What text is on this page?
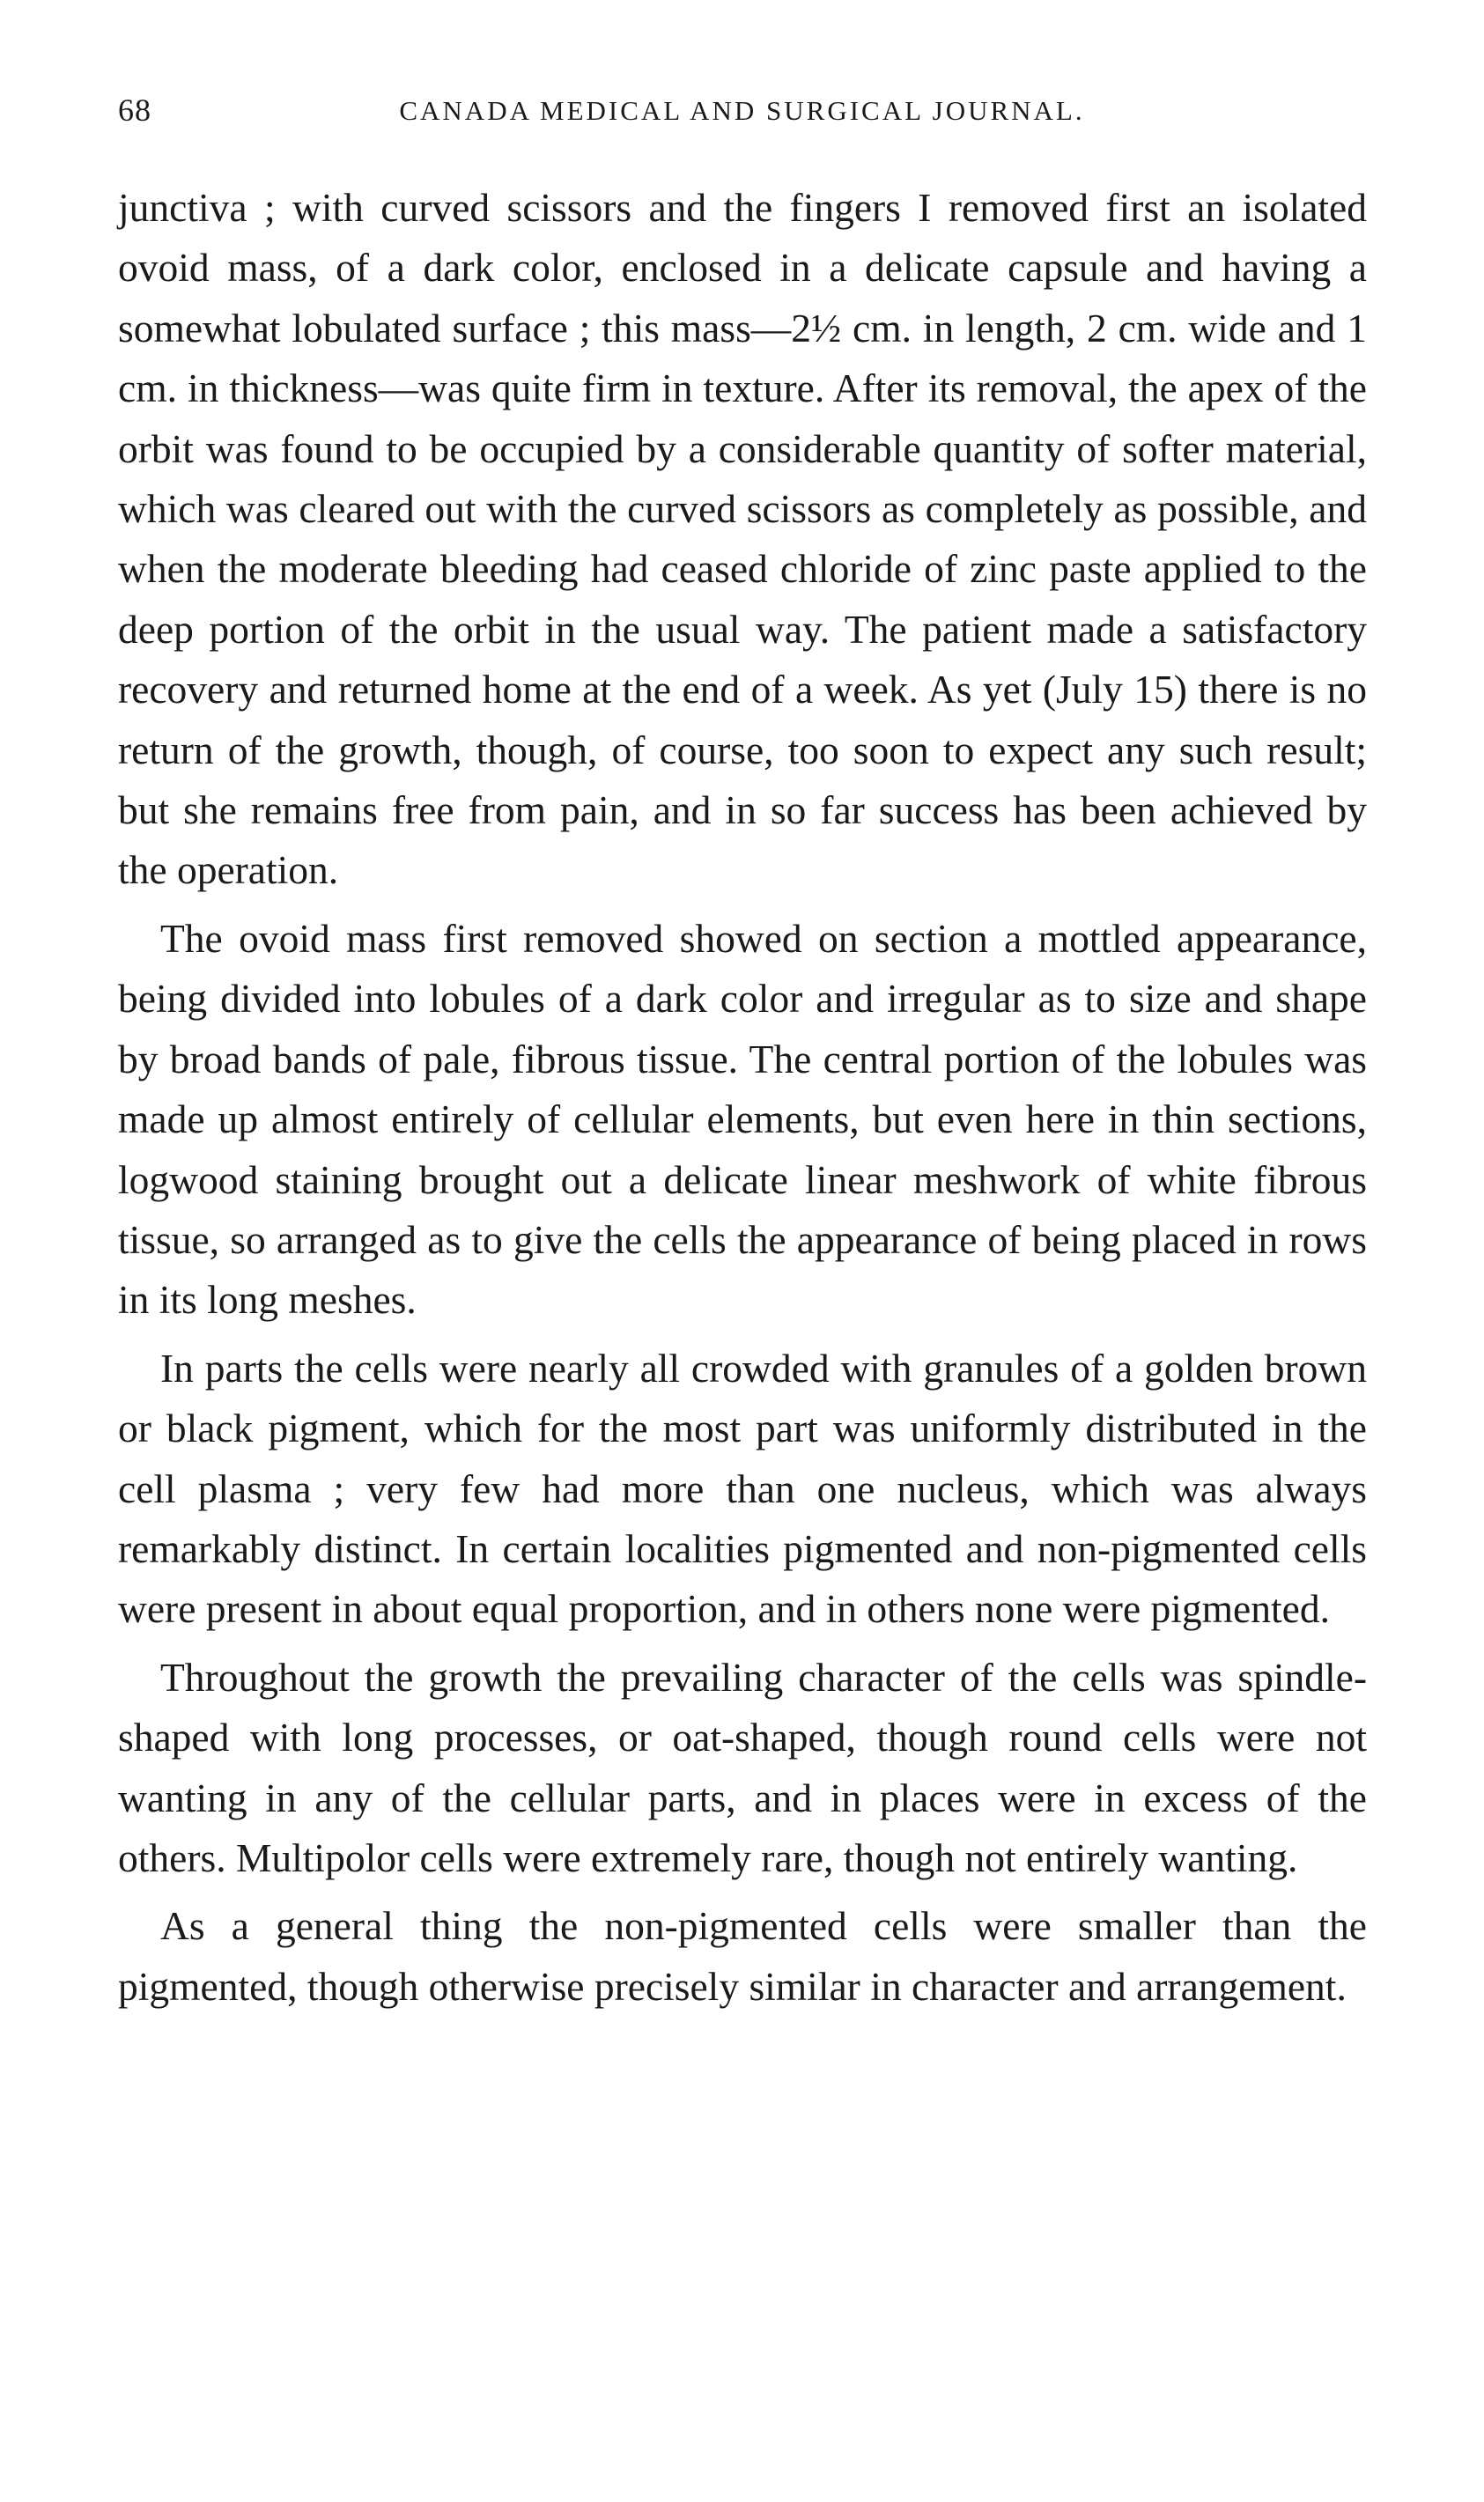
68	CANADA MEDICAL AND SURGICAL JOURNAL.

junctiva ; with curved scissors and the fingers I removed first an isolated ovoid mass, of a dark color, enclosed in a delicate capsule and having a somewhat lobulated surface ; this mass—2½ cm. in length, 2 cm. wide and 1 cm. in thickness—was quite firm in texture. After its removal, the apex of the orbit was found to be occupied by a considerable quantity of softer material, which was cleared out with the curved scissors as completely as possible, and when the moderate bleeding had ceased chloride of zinc paste applied to the deep portion of the orbit in the usual way. The patient made a satisfactory recovery and returned home at the end of a week. As yet (July 15) there is no return of the growth, though, of course, too soon to expect any such result; but she remains free from pain, and in so far success has been achieved by the operation.

The ovoid mass first removed showed on section a mottled appearance, being divided into lobules of a dark color and irregular as to size and shape by broad bands of pale, fibrous tissue. The central portion of the lobules was made up almost entirely of cellular elements, but even here in thin sections, logwood staining brought out a delicate linear meshwork of white fibrous tissue, so arranged as to give the cells the appearance of being placed in rows in its long meshes.

In parts the cells were nearly all crowded with granules of a golden brown or black pigment, which for the most part was uniformly distributed in the cell plasma ; very few had more than one nucleus, which was always remarkably distinct. In certain localities pigmented and non-pigmented cells were present in about equal proportion, and in others none were pigmented.

Throughout the growth the prevailing character of the cells was spindle-shaped with long processes, or oat-shaped, though round cells were not wanting in any of the cellular parts, and in places were in excess of the others. Multipolor cells were extremely rare, though not entirely wanting.

As a general thing the non-pigmented cells were smaller than the pigmented, though otherwise precisely similar in character and arrangement.
